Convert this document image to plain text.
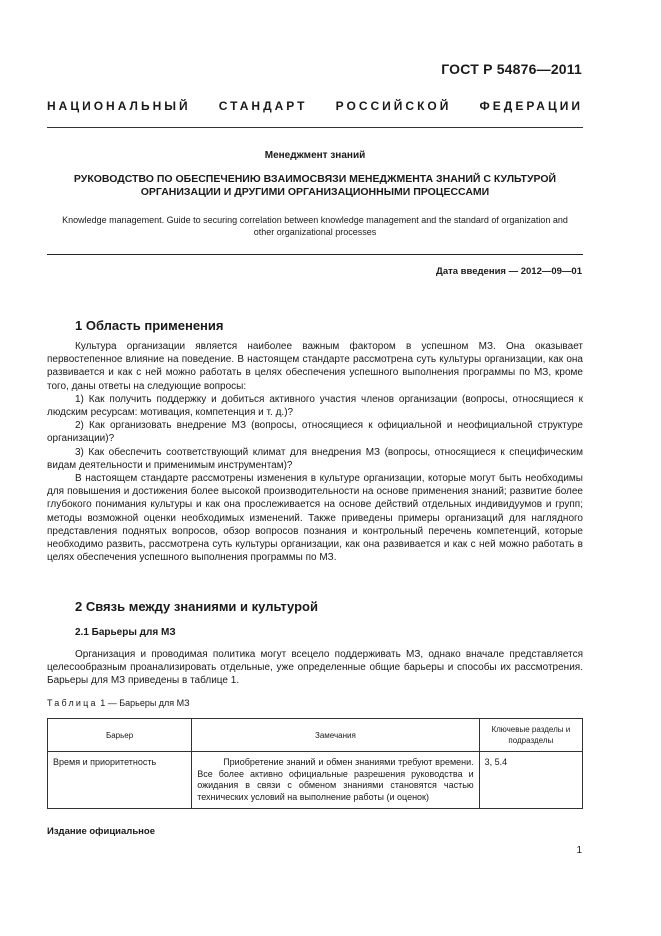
ГОСТ Р 54876—2011
НАЦИОНАЛЬНЫЙ СТАНДАРТ РОССИЙСКОЙ ФЕДЕРАЦИИ
Менеджмент знаний
РУКОВОДСТВО ПО ОБЕСПЕЧЕНИЮ ВЗАИМОСВЯЗИ МЕНЕДЖМЕНТА ЗНАНИЙ С КУЛЬТУРОЙ ОРГАНИЗАЦИИ И ДРУГИМИ ОРГАНИЗАЦИОННЫМИ ПРОЦЕССАМИ
Knowledge management. Guide to securing correlation between knowledge management and the standard of organization and other organizational processes
Дата введения — 2012—09—01
1 Область применения

Культура организации является наиболее важным фактором в успешном МЗ. Она оказывает первостепенное влияние на поведение. В настоящем стандарте рассмотрена суть культуры организации, как она развивается и как с ней можно работать в целях обеспечения успешного выполнения программы по МЗ, кроме того, даны ответы на следующие вопросы:

1) Как получить поддержку и добиться активного участия членов организации (вопросы, относящиеся к людским ресурсам: мотивация, компетенция и т. д.)?

2) Как организовать внедрение МЗ (вопросы, относящиеся к официальной и неофициальной структуре организации)?

3) Как обеспечить соответствующий климат для внедрения МЗ (вопросы, относящиеся к специфическим видам деятельности и применимым инструментам)?

В настоящем стандарте рассмотрены изменения в культуре организации, которые могут быть необходимы для повышения и достижения более высокой производительности на основе применения знаний; развитие более глубокого понимания культуры и как она прослеживается на основе действий отдельных индивидуумов и групп; методы возможной оценки необходимых изменений. Также приведены примеры организаций для наглядного представления поднятых вопросов, обзор вопросов познания и контрольный перечень компетенций, которые необходимо развить, рассмотрена суть культуры организации, как она развивается и как с ней можно работать в целях обеспечения успешного выполнения программы по МЗ.

2 Связь между знаниями и культурой
2.1 Барьеры для МЗ

Организация и проводимая политика могут всецело поддерживать МЗ, однако вначале представляется целесообразным проанализировать отдельные, уже определенные общие барьеры и способы их рассмотрения. Барьеры для МЗ приведены в таблице 1.

Таблица 1 — Барьеры для МЗ
Барьер	Замечания	Ключевые разделы и подразделы
Время и приоритетность	Приобретение знаний и обмен знаниями требуют времени. Все более активно официальные разрешения руководства и ожидания в связи с обменом знаниями становятся частью технических условий на выполнение работы (и оценок)	3, 5.4
Издание официальное
1
